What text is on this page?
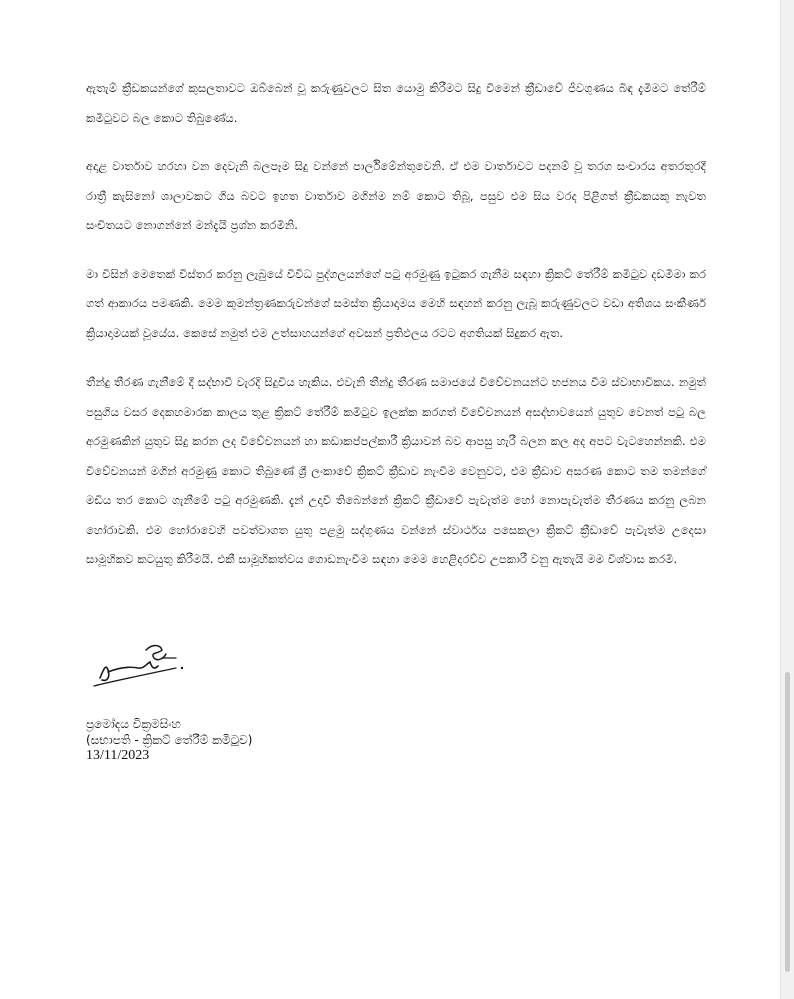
ඇතැම් ක්‍රීඩකයන්ගේ කුසලතාවට ඔබ්බෙන් වූ කරුණුවලට සිත යොමු කිරීමට සිදු වීමෙන් ක්‍රීඩාවේ ජීවගුණය බිඳ දැමීමට තේරීම් කමිටුවට බල කොට තිබුණේය.

අදාළ වාර්තාව හරහා වන දෙවැනි බලපෑම සිදු වන්නේ පාර්ලිමේන්තුවෙනි. ඒ එම වාර්තාවට පදනම් වූ තරග සංචාරය අතරතුරදී රාත්‍රී කැසිනෝ ශාලාවකට ගිය බවට ඉහත වාර්තාව මගින්ම නම් කොට තිබූ, පසුව එම සිය වරද පිළිගත් ක්‍රීඩකයකු නැවත සංචිතයට නොගන්නේ මන්දැයි ප්‍රශ්න කරමිනි.

මා විසින් මෙතෙක් විස්තර කරනු ලැබුයේ විවිධ පුද්ගලයන්ගේ පටු අරමුණු ඉටුකර ගැනීම සඳහා ක්‍රිකට් තේරීම් කමිටුව දඩමීමා කර ගත් ආකාරය පමණකි. මෙම කුමන්ත්‍රණකරුවන්ගේ සමස්ත ක්‍රියාදාමය මෙහි සඳහන් කරනු ලැබූ කරුණුවලට වඩා අතිශය සංකීර්ණ ක්‍රියාදාමයක් වූයේය. කෙසේ නමුත් එම උත්සාහයන්ගේ අවසන් ප්‍රතිඵලය රටට අගතියක් සිදුකර ඇත.

තීන්දු තීරණ ගැනීමේ දී සද්භාවී වැරදි සිදුවිය හැකිය. එවැනි තීන්දු තීරණ සමාජයේ විවේචනයන්ට භජනය වීම ස්වාභාවිකය. නමුත් පසුගිය වසර දෙකහමාරක කාලය තුළ ක්‍රිකට් තේරීම් කමිටුව ඉලක්ක කරගත් විවේචනයන් අසද්භාවයෙන් යුතුව වෙනත් පටු බල අරමුණකින් යුතුව සිදු කරන ලද විවේචනයන් හා කඩාකප්පල්කාරී ක්‍රියාවන් බව ආපසු හැරී බලන කල අද අපට වැටහෙන්නකි. එම විවේචනයන් මගින් අරමුණු කොට තිබුණේ ශ්‍රී ලංකාවේ ක්‍රිකට් ක්‍රීඩාව නැංවීම වෙනුවට, එම ක්‍රීඩාව අසරණ කොට තම තමන්ගේ මඩිය තර කොට ගැනීමේ පටු අරමුණකි. දැන් උදාවී තිබෙන්නේ ක්‍රිකට් ක්‍රීඩාවේ පැවැත්ම හෝ නොපැවැත්ම තීරණය කරනු ලබන හෝරාවකි. එම හෝරාවෙහි පවත්වාගත යුතු පළමු සද්ගුණය වන්නේ ස්වාර්ථය පසෙකලා ක්‍රිකට් ක්‍රීඩාවේ පැවැත්ම උදෙසා සාමූහිකව කටයුතු කිරීමයි. එකී සාමූහිකත්වය ගොඩනැංවීම සඳහා මෙම හෙළිදරව්ව උපකාරී වනු ඇතැයි මම විශ්වාස කරමි.

ප්‍රමෝදය වික්‍රමසිංහ
(සභාපති - ක්‍රිකට් තේරීම් කමිටුව)
13/11/2023
